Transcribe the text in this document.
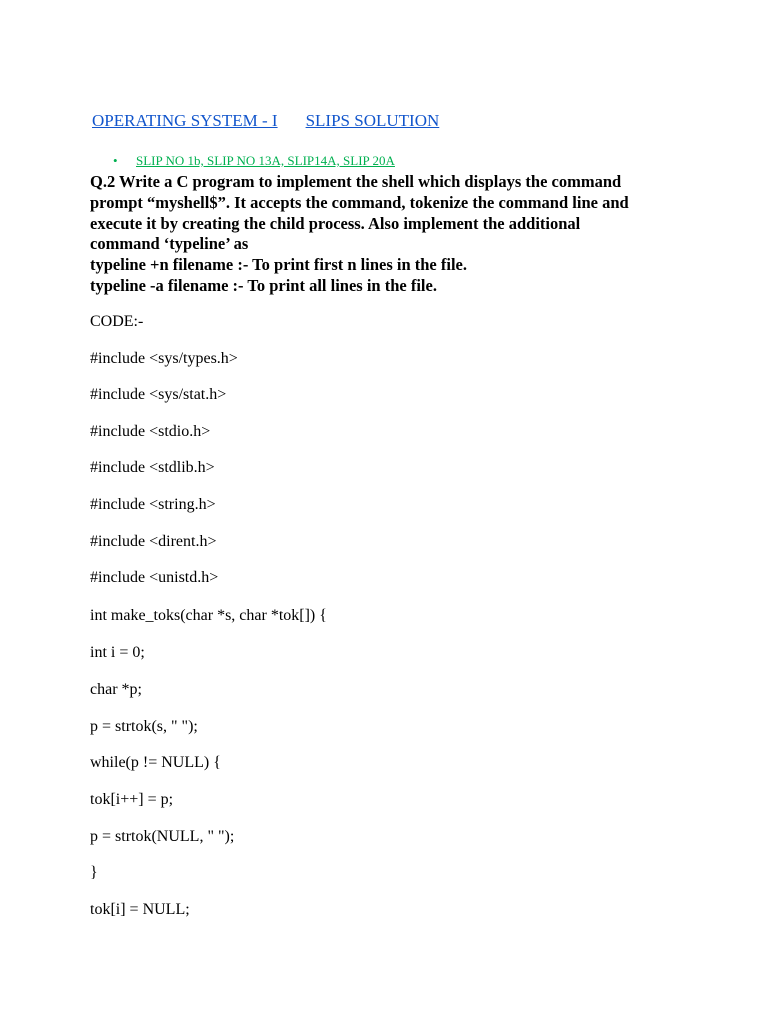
OPERATING SYSTEM - I SLIPS SOLUTION
• SLIP NO 1b, SLIP NO 13A, SLIP14A, SLIP 20A
Q.2 Write a C program to implement the shell which displays the command
prompt “myshell$”. It accepts the command, tokenize the command line and
execute it by creating the child process. Also implement the additional
command ‘typeline’ as
typeline +n filename :- To print first n lines in the file.
typeline -a filename :- To print all lines in the file.
CODE:-
#include <sys/types.h>
#include <sys/stat.h>
#include <stdio.h>
#include <stdlib.h>
#include <string.h>
#include <dirent.h>
#include <unistd.h>
int make_toks(char *s, char *tok[]) {
int i = 0;
char *p;
p = strtok(s, " ");
while(p != NULL) {
tok[i++] = p;
p = strtok(NULL, " ");
}
tok[i] = NULL;
